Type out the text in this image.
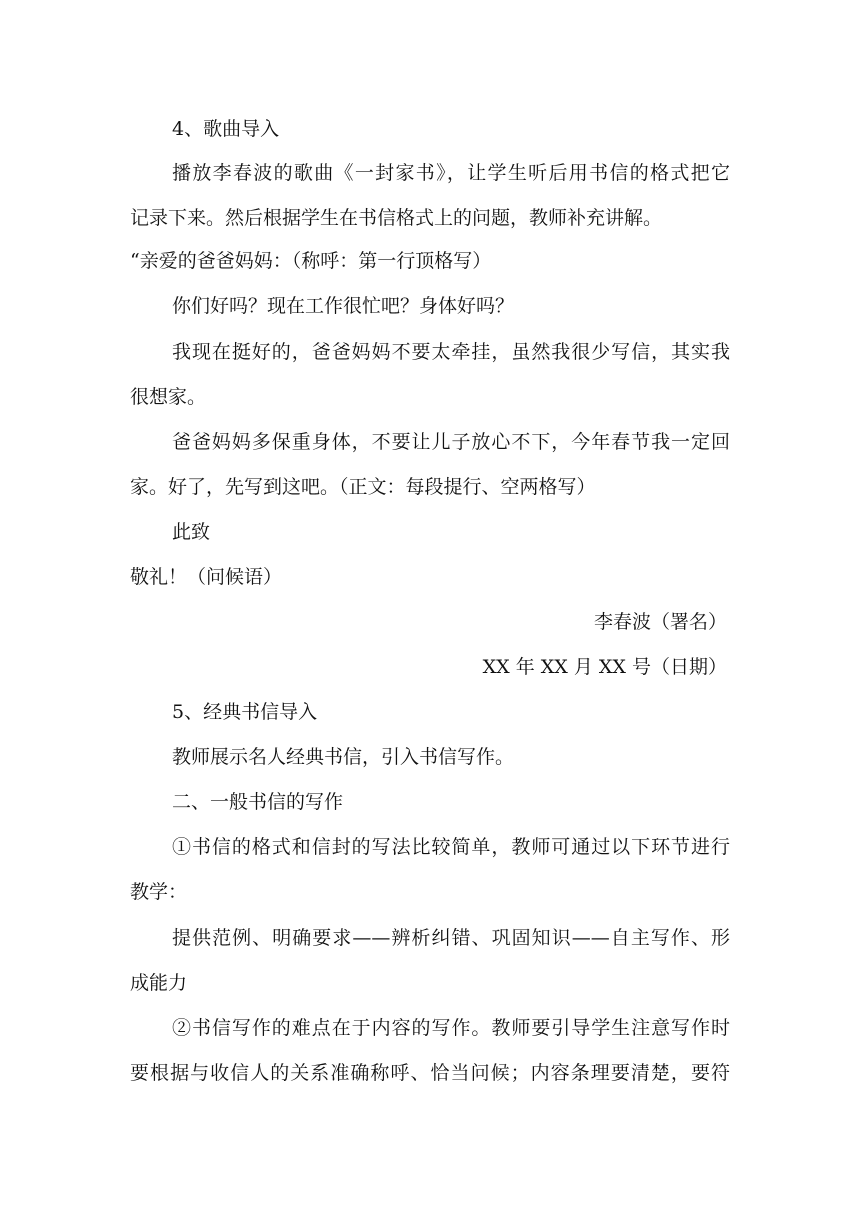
4、歌曲导入
播放李春波的歌曲《一封家书》，让学生听后用书信的格式把它
记录下来。然后根据学生在书信格式上的问题，教师补充讲解。
“亲爱的爸爸妈妈：（称呼：第一行顶格写）
你们好吗？现在工作很忙吧？身体好吗？
我现在挺好的，爸爸妈妈不要太牵挂，虽然我很少写信，其实我
很想家。
爸爸妈妈多保重身体，不要让儿子放心不下，今年春节我一定回
家。好了，先写到这吧。（正文：每段提行、空两格写）
此致
敬礼！（问候语）
李春波（署名）
XX 年 XX 月 XX 号（日期）
5、经典书信导入
教师展示名人经典书信，引入书信写作。
二、一般书信的写作
①书信的格式和信封的写法比较简单，教师可通过以下环节进行
教学：
提供范例、明确要求——辨析纠错、巩固知识——自主写作、形
成能力
②书信写作的难点在于内容的写作。教师要引导学生注意写作时
要根据与收信人的关系准确称呼、恰当问候；内容条理要清楚，要符
